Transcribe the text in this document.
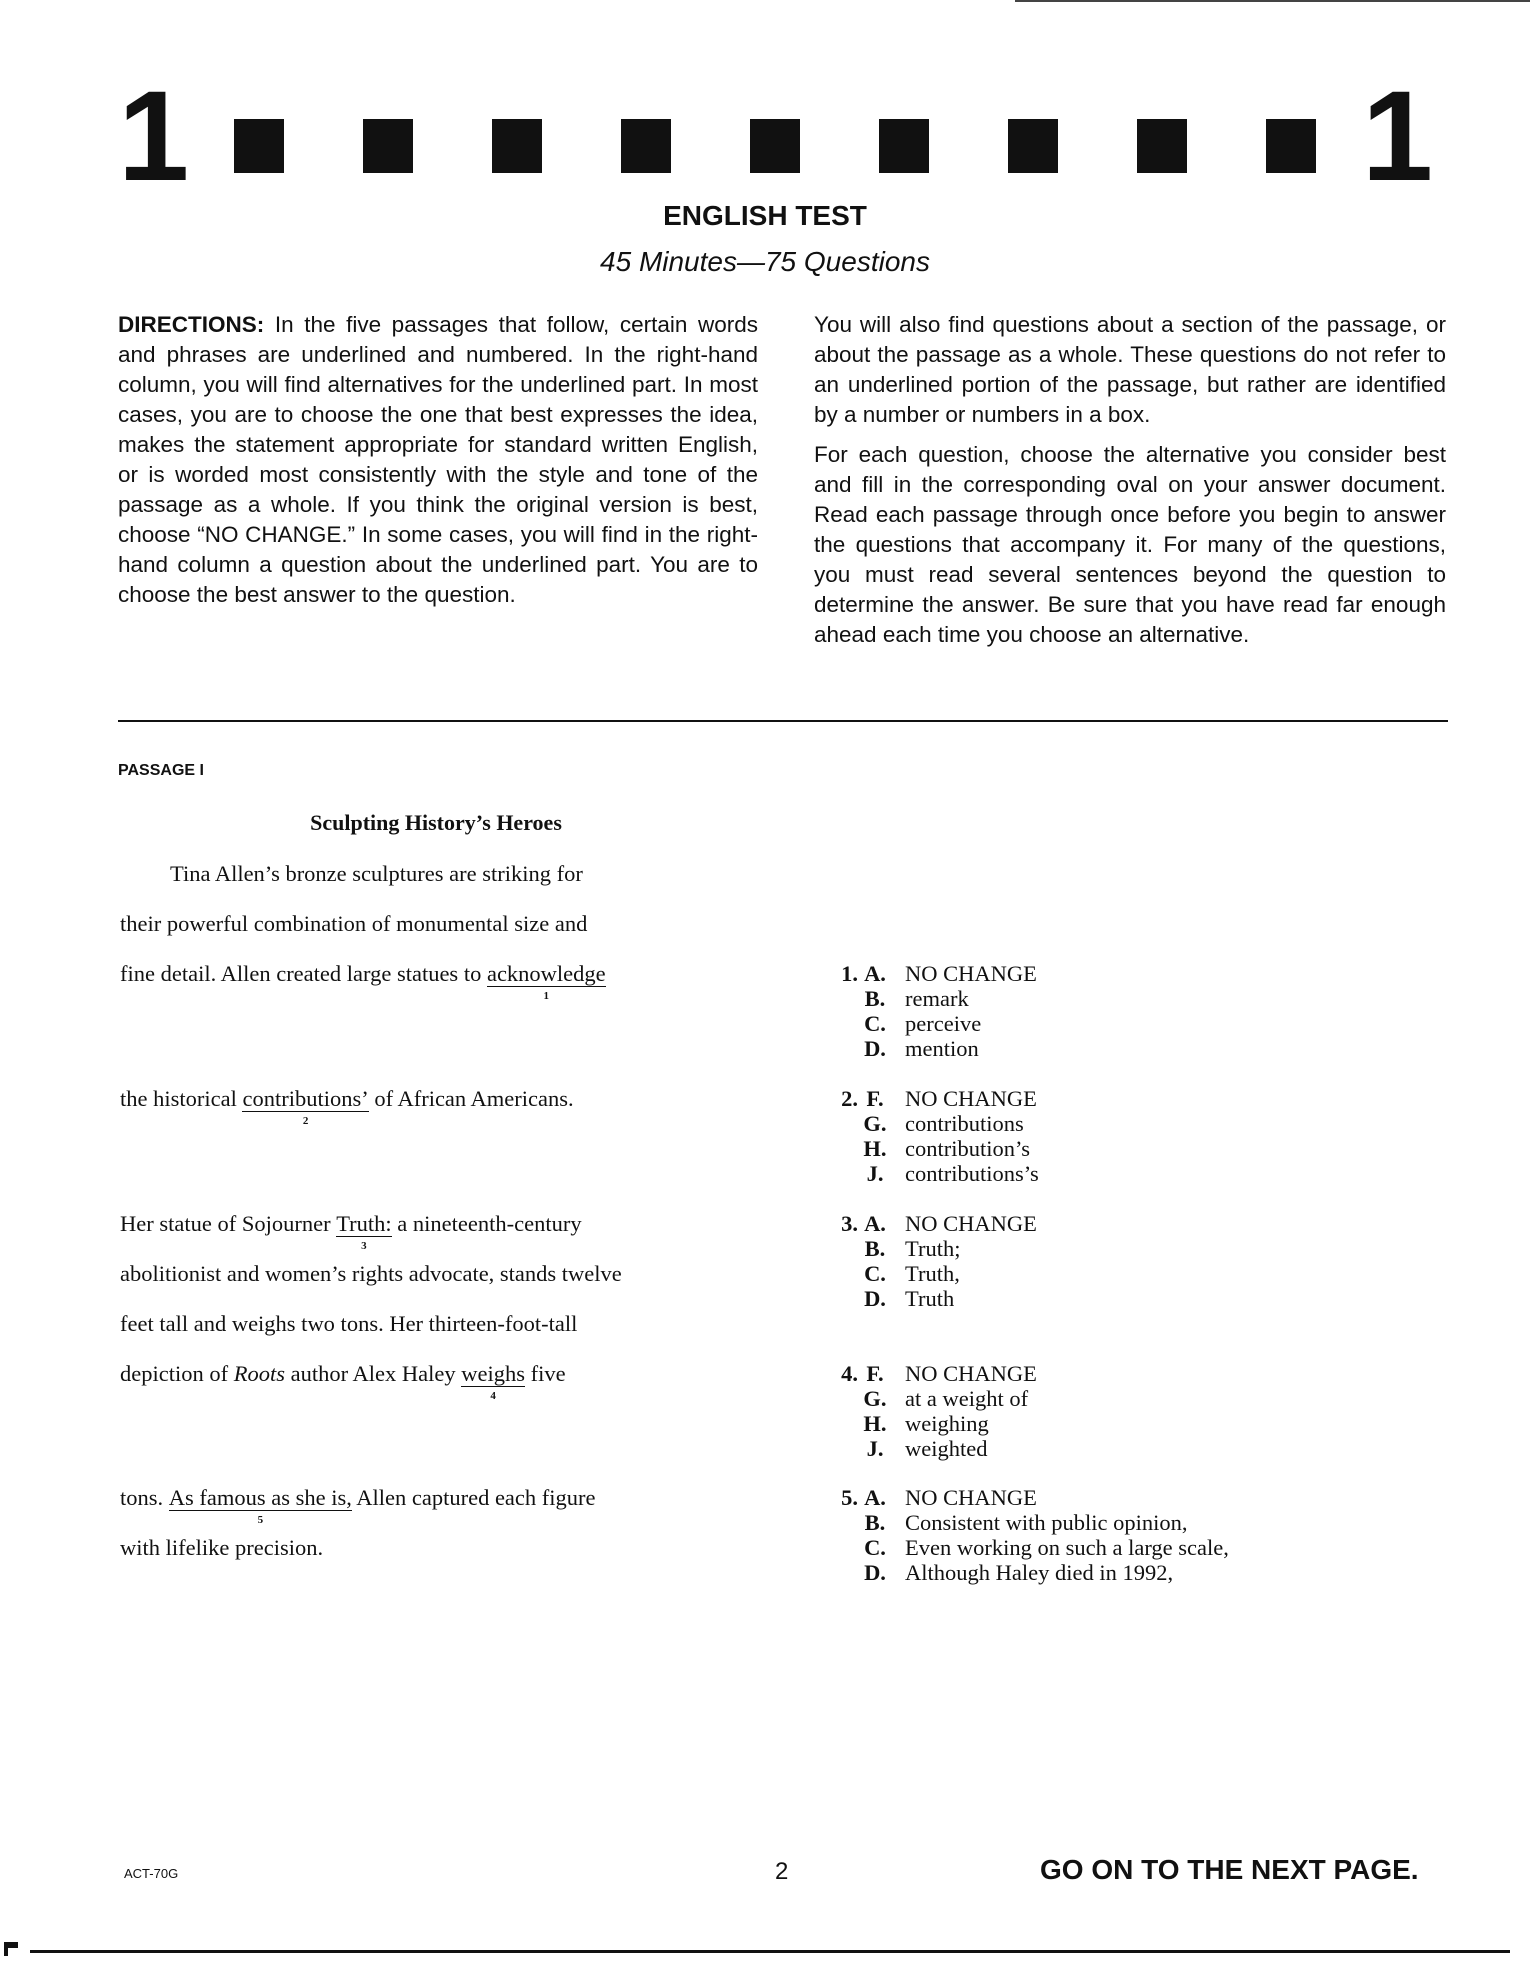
1	1
ENGLISH TEST
45 Minutes—75 Questions
DIRECTIONS: In the five passages that follow, certain words and phrases are underlined and numbered. In the right-hand column, you will find alternatives for the underlined part. In most cases, you are to choose the one that best expresses the idea, makes the statement appropriate for standard written English, or is worded most consistently with the style and tone of the passage as a whole. If you think the original version is best, choose “NO CHANGE.” In some cases, you will find in the right-hand column a question about the underlined part. You are to choose the best answer to the question.

You will also find questions about a section of the passage, or about the passage as a whole. These questions do not refer to an underlined portion of the passage, but rather are identified by a number or numbers in a box.

For each question, choose the alternative you consider best and fill in the corresponding oval on your answer document. Read each passage through once before you begin to answer the questions that accompany it. For many of the questions, you must read several sentences beyond the question to determine the answer. Be sure that you have read far enough ahead each time you choose an alternative.

PASSAGE I
Sculpting History’s Heroes
Tina Allen’s bronze sculptures are striking for
their powerful combination of monumental size and
fine detail. Allen created large statues to acknowledge
1
the historical contributions’
2
of African Americans.
Her statue of Sojourner Truth:
3
a nineteenth-century
abolitionist and women’s rights advocate, stands twelve
feet tall and weighs two tons. Her thirteen-foot-tall
depiction of Roots author Alex Haley weighs
4
five
tons. As famous as she is,
5
Allen captured each figure
with lifelike precision.
1. A. NO CHANGE
B. remark
C. perceive
D. mention
2. F. NO CHANGE
G. contributions
H. contribution’s
J. contributions’s
3. A. NO CHANGE
B. Truth;
C. Truth,
D. Truth
4. F. NO CHANGE
G. at a weight of
H. weighing
J. weighted
5. A. NO CHANGE
B. Consistent with public opinion,
C. Even working on such a large scale,
D. Although Haley died in 1992,
ACT-70G	2	GO ON TO THE NEXT PAGE.
